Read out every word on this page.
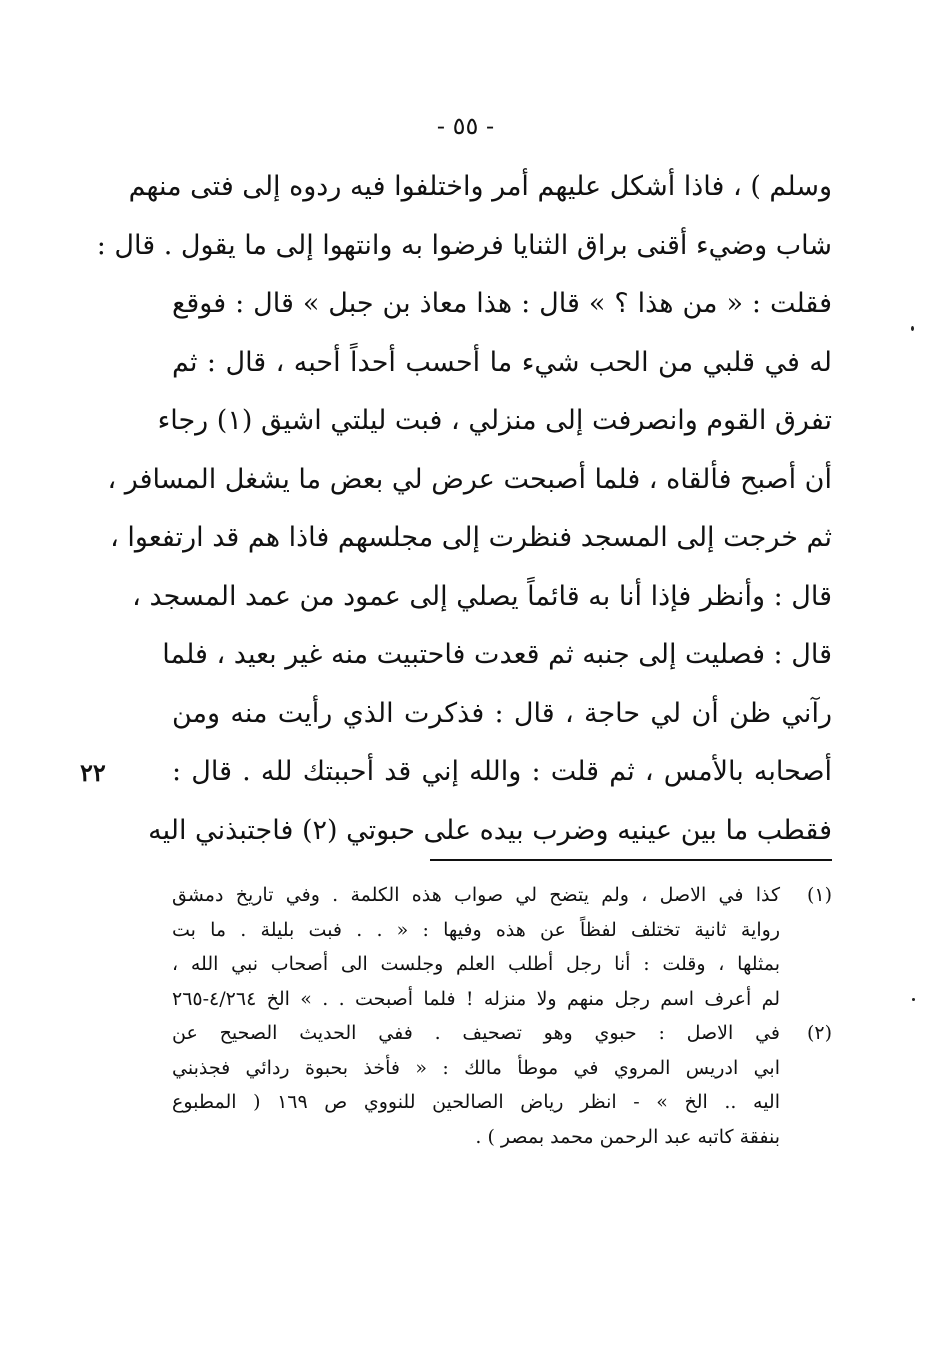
- ٥٥ -
وسلم ) ، فاذا أشكل عليهم أمر واختلفوا فيه ردوه إلى فتى منهم
شاب وضيء أقنى براق الثنايا فرضوا به وانتهوا إلى ما يقول . قال :
فقلت : « من هذا ؟ » قال : هذا معاذ بن جبل » قال : فوقع
له في قلبي من الحب شيء ما أحسب أحداً أحبه ، قال : ثم
تفرق القوم وانصرفت إلى منزلي ، فبت ليلتي اشيق (١) رجاء
أن أصبح فألقاه ، فلما أصبحت عرض لي بعض ما يشغل المسافر ،
ثم خرجت إلى المسجد فنظرت إلى مجلسهم فاذا هم قد ارتفعوا ،
قال : وأنظر فإذا أنا به قائماً يصلي إلى عمود من عمد المسجد ،
قال : فصليت إلى جنبه ثم قعدت فاحتبيت منه غير بعيد ، فلما
رآني ظن أن لي حاجة ، قال : فذكرت الذي رأيت منه ومن
أصحابه بالأمس ، ثم قلت : والله إني قد أحببتك لله . قال :
فقطب ما بين عينيه وضرب بيده على حبوتي (٢) فاجتبذني اليه
٢٢
(١)
كذا في الاصل ، ولم يتضح لي صواب هذه الكلمة . وفي تاريخ دمشق
رواية ثانية تختلف لفظاً عن هذه وفيها : « . . فبت بليلة . ما بت
بمثلها ، وقلت : أنا رجل أطلب العلم وجلست الى أصحاب نبي الله ،
لم أعرف اسم رجل منهم ولا منزله ! فلما أصبحت . . » الخ ٤/٢٦٤-٢٦٥
(٢)
في الاصل : حبوي وهو تصحيف . ففي الحديث الصحيح عن
ابي ادريس المروي في موطأ مالك : « فأخذ بحبوة ردائي فجذبني
اليه .. الخ » - انظر رياض الصالحين للنووي ص ١٦٩ ( المطبوع
بنفقة كاتبه عبد الرحمن محمد بمصر ) .
